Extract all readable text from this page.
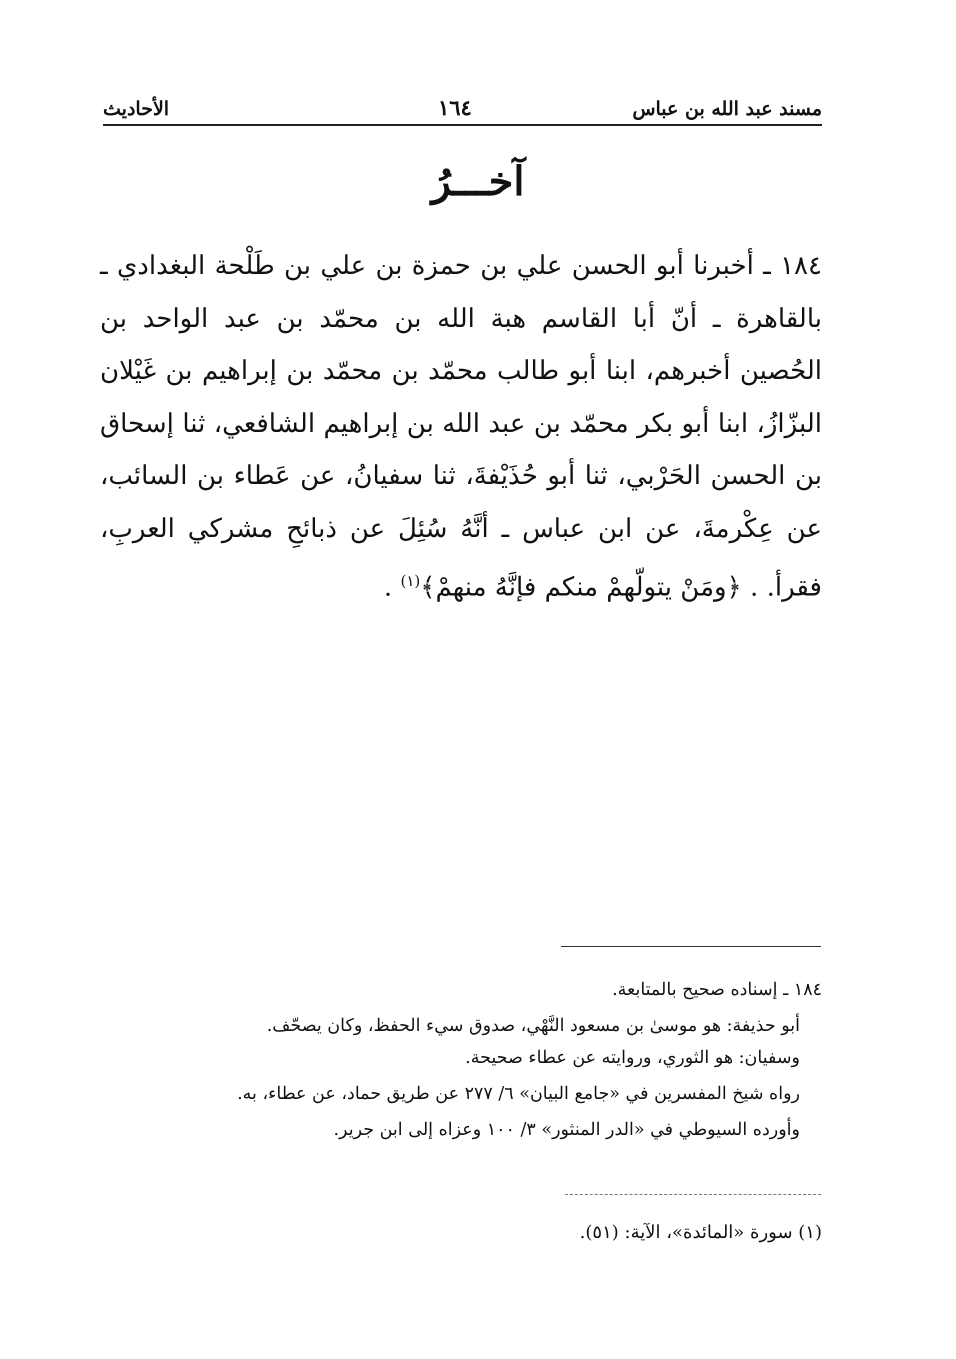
مسند عبد الله بن عباس
١٦٤
الأحاديث
آخـــرُ

١٨٤ ـ أخبرنا أبو الحسن علي بن حمزة بن علي بن طَلْحة البغدادي ـ بالقاهرة ـ أنّ أبا القاسم هبة الله بن محمّد بن عبد الواحد بن الحُصين أخبرهم، ابنا أبو طالب محمّد بن محمّد بن إبراهيم بن غَيْلان البزّازُ، ابنا أبو بكر محمّد بن عبد الله بن إبراهيم الشافعي، ثنا إسحاق بن الحسن الحَرْبي، ثنا أبو حُذَيْفةَ، ثنا سفيانُ، عن عَطاء بن السائب، عن عِكْرمةَ، عن ابن عباس ـ أنَّهُ سُئِلَ عن ذبائحِ مشركي العربِ، فقرأ. . ﴿ومَنْ يتولّهمْ منكم فإنَّهُ منهمْ﴾$^{(١)}$ .

١٨٤ ـ إسناده صحيح بالمتابعة.
أبو حذيفة: هو موسىٰ بن مسعود النَّهْي، صدوق سيء الحفظ، وكان يصحّف.
وسفيان: هو الثوري، وروايته عن عطاء صحيحة.
رواه شيخ المفسرين في «جامع البيان» ٦/ ٢٧٧ عن طريق حماد، عن عطاء، به.
وأورده السيوطي في «الدر المنثور» ٣/ ١٠٠ وعزاه إلى ابن جرير.
(١) سورة «المائدة»، الآية: (٥١).
